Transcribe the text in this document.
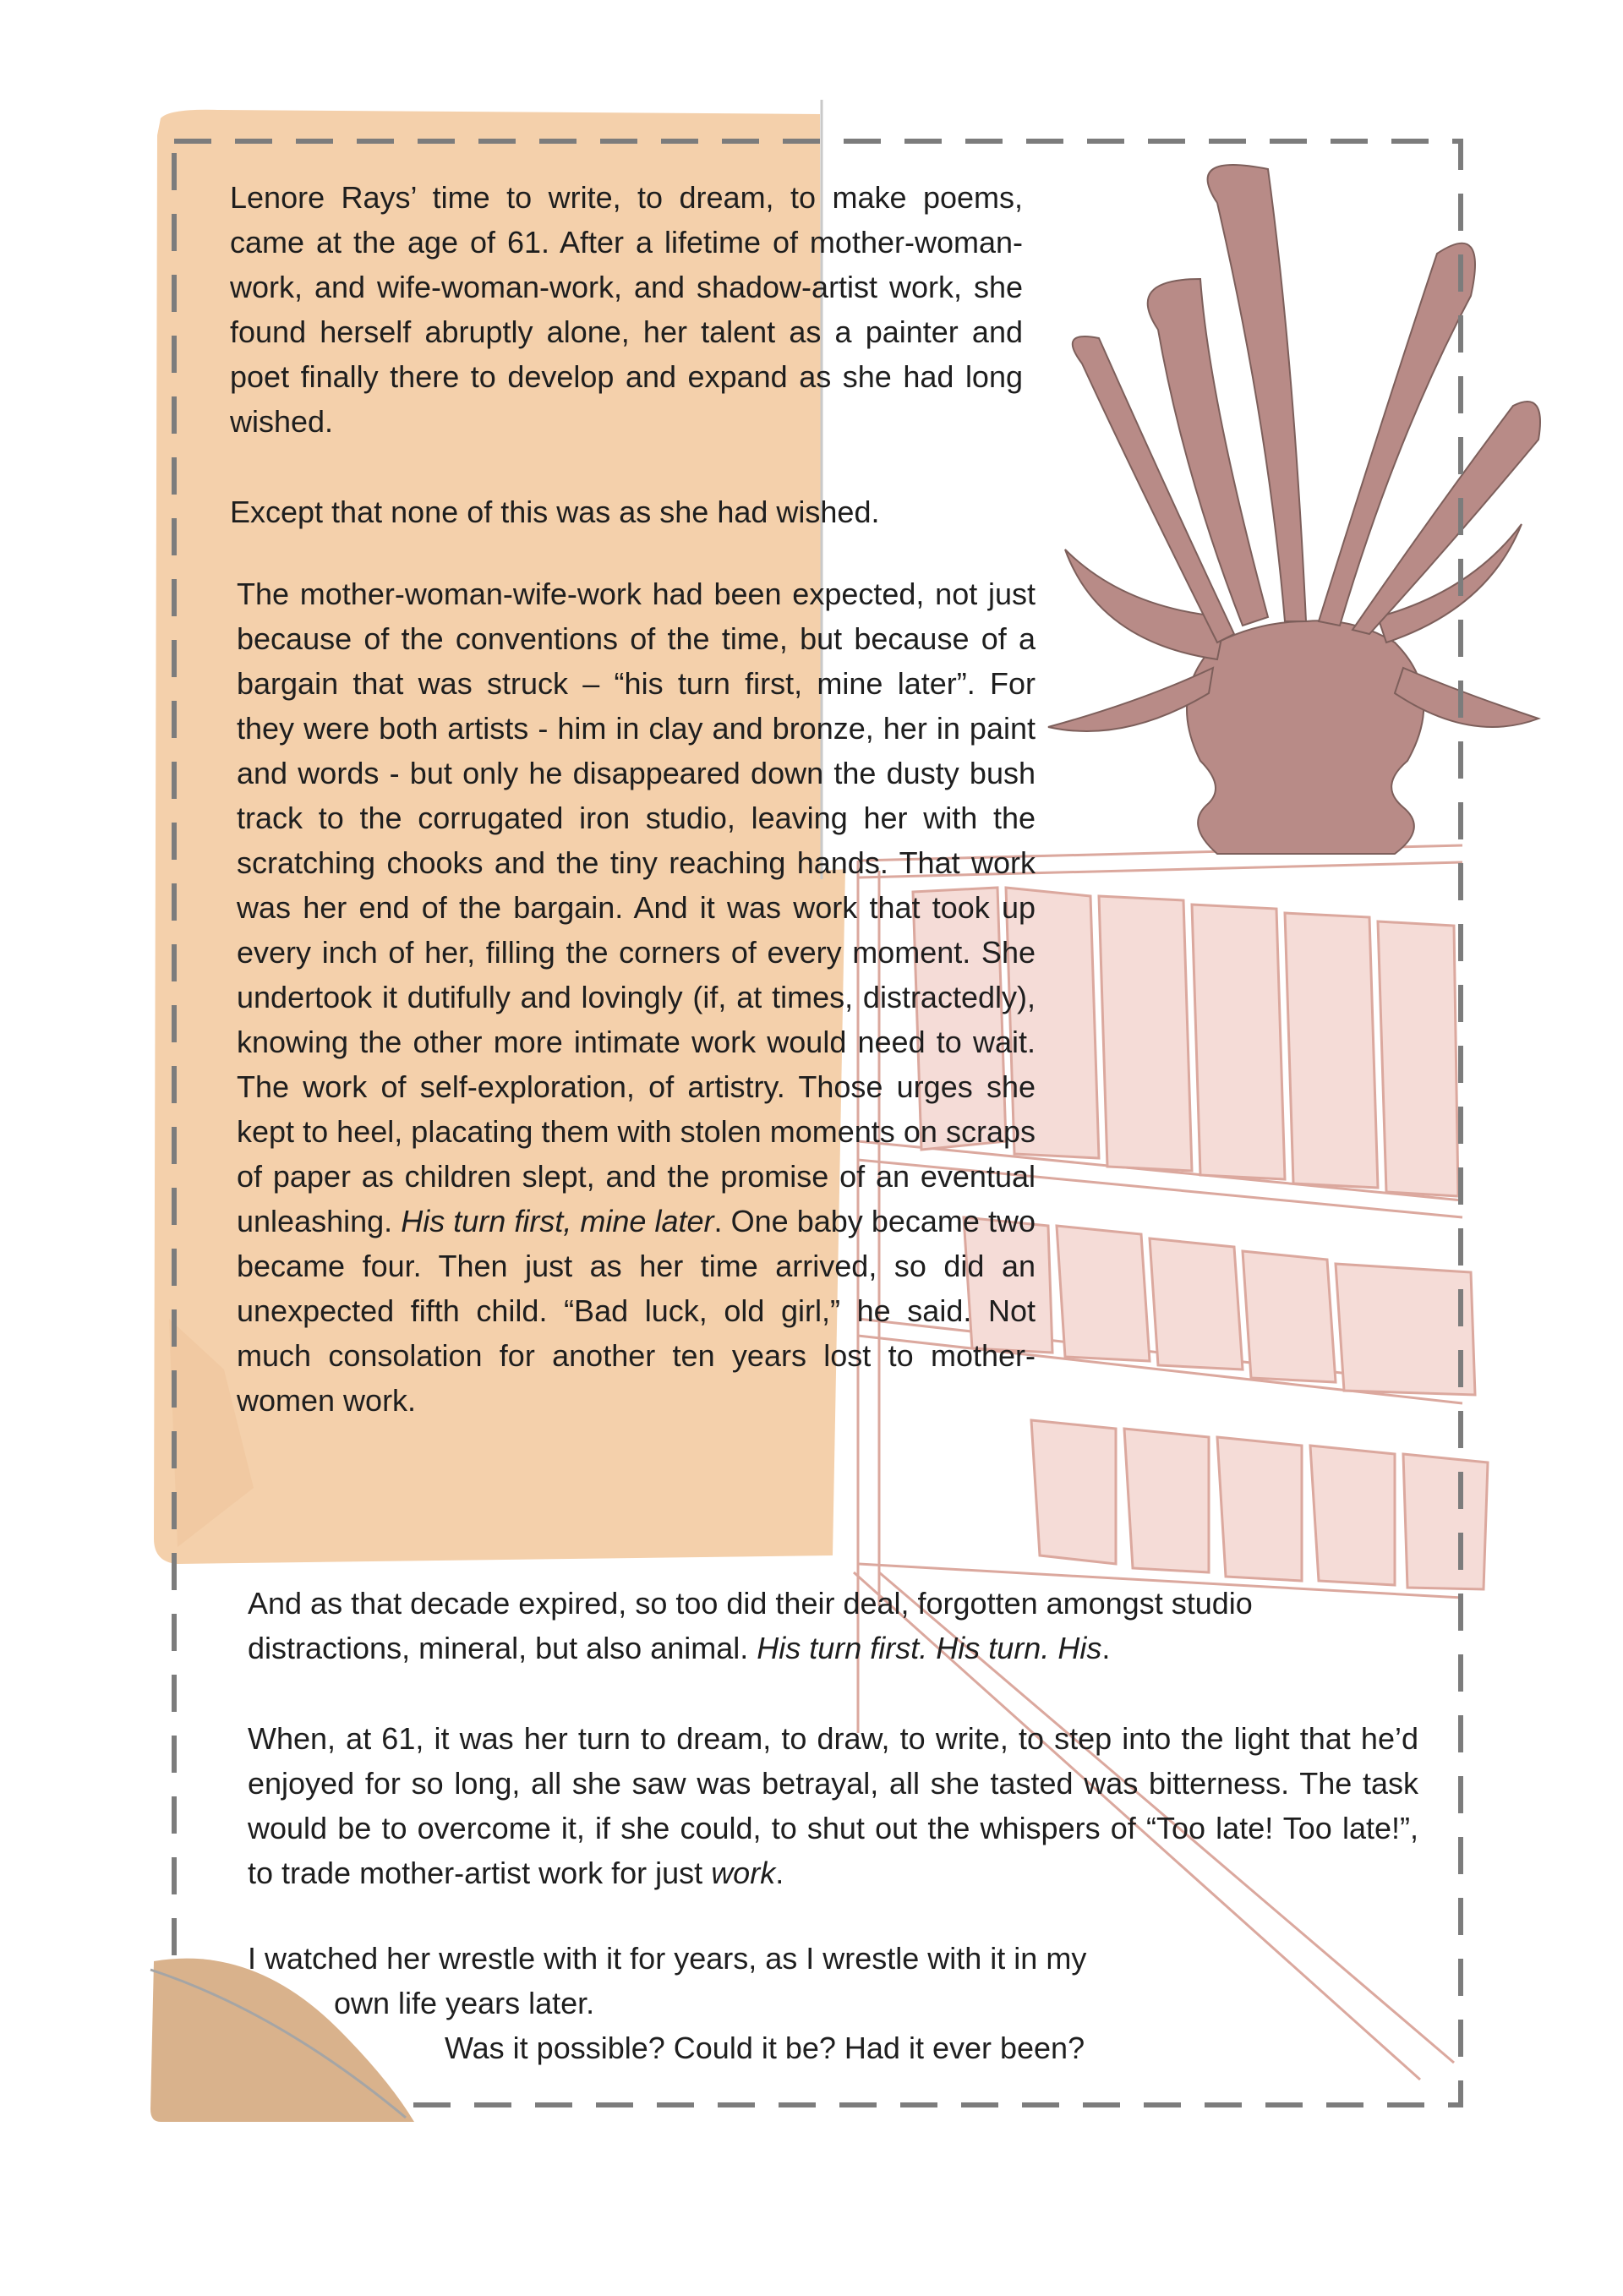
Lenore Rays’ time to write, to dream, to make poems, came at the age of 61. After a lifetime of mother-woman-work, and wife-woman-work, and shadow-artist work, she found herself abruptly alone, her talent as a painter and poet finally there to develop and expand as she had long wished.

Except that none of this was as she had wished.

The mother-woman-wife-work had been expected, not just because of the conventions of the time, but because of a bargain that was struck – “his turn first, mine later”. For they were both artists - him in clay and bronze, her in paint and words - but only he disappeared down the dusty bush track to the corrugated iron studio, leaving her with the scratching chooks and the tiny reaching hands. That work was her end of the bargain. And it was work that took up every inch of her, filling the corners of every moment. She undertook it dutifully and lovingly (if, at times, distractedly), knowing the other more intimate work would need to wait. The work of self-exploration, of artistry. Those urges she kept to heel, placating them with stolen moments on scraps of paper as children slept, and the promise of an eventual unleashing. His turn first, mine later. One baby became two became four. Then just as her time arrived, so did an unexpected fifth child. “Bad luck, old girl,” he said. Not much consolation for another ten years lost to mother-women work.

And as that decade expired, so too did their deal, forgotten amongst studio distractions, mineral, but also animal. His turn first. His turn. His.

When, at 61, it was her turn to dream, to draw, to write, to step into the light that he’d enjoyed for so long, all she saw was betrayal, all she tasted was bitterness. The task would be to overcome it, if she could, to shut out the whispers of “Too late! Too late!”, to trade mother-artist work for just work.

I watched her wrestle with it for years, as I wrestle with it in my
own life years later.
Was it possible? Could it be? Had it ever been?
